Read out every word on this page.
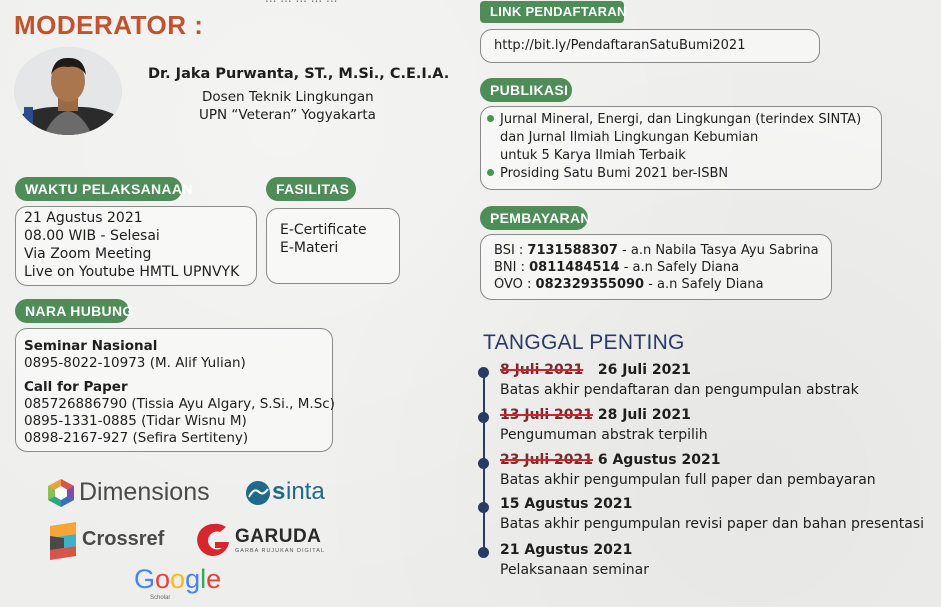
MODERATOR :
Dr. Jaka Purwanta, ST., M.Si., C.E.I.A.
Dosen Teknik Lingkungan
UPN “Veteran” Yogyakarta
WAKTU PELAKSANAAN
21 Agustus 2021
08.00 WIB - Selesai
Via Zoom Meeting
Live on Youtube HMTL UPNVYK
FASILITAS
E-Certificate
E-Materi
NARA HUBUNG
Seminar Nasional
0895-8022-10973 (M. Alif Yulian)
Call for Paper
085726886790 (Tissia Ayu Algary, S.Si., M.Sc)
0895-1331-0885 (Tidar Wisnu M)
0898-2167-927 (Sefira Sertiteny)
Dimensions	s inta
Crossref	GARUDA
GARBA RUJUKAN DIGITAL
Google
Scholar
LINK PENDAFTARAN
http://bit.ly/PendaftaranSatuBumi2021
PUBLIKASI
Jurnal Mineral, Energi, dan Lingkungan (terindex SINTA)
dan Jurnal Ilmiah Lingkungan Kebumian
untuk 5 Karya Ilmiah Terbaik
Prosiding Satu Bumi 2021 ber-ISBN
PEMBAYARAN
BSI : 7131588307 - a.n Nabila Tasya Ayu Sabrina
BNI : 0811484514 - a.n Safely Diana
OVO : 082329355090 - a.n Safely Diana
TANGGAL PENTING
8 Juli 2021 26 Juli 2021
Batas akhir pendaftaran dan pengumpulan abstrak
13 Juli 2021 28 Juli 2021
Pengumuman abstrak terpilih
23 Juli 2021 6 Agustus 2021
Batas akhir pengumpulan full paper dan pembayaran
15 Agustus 2021
Batas akhir pengumpulan revisi paper dan bahan presentasi
21 Agustus 2021
Pelaksanaan seminar
